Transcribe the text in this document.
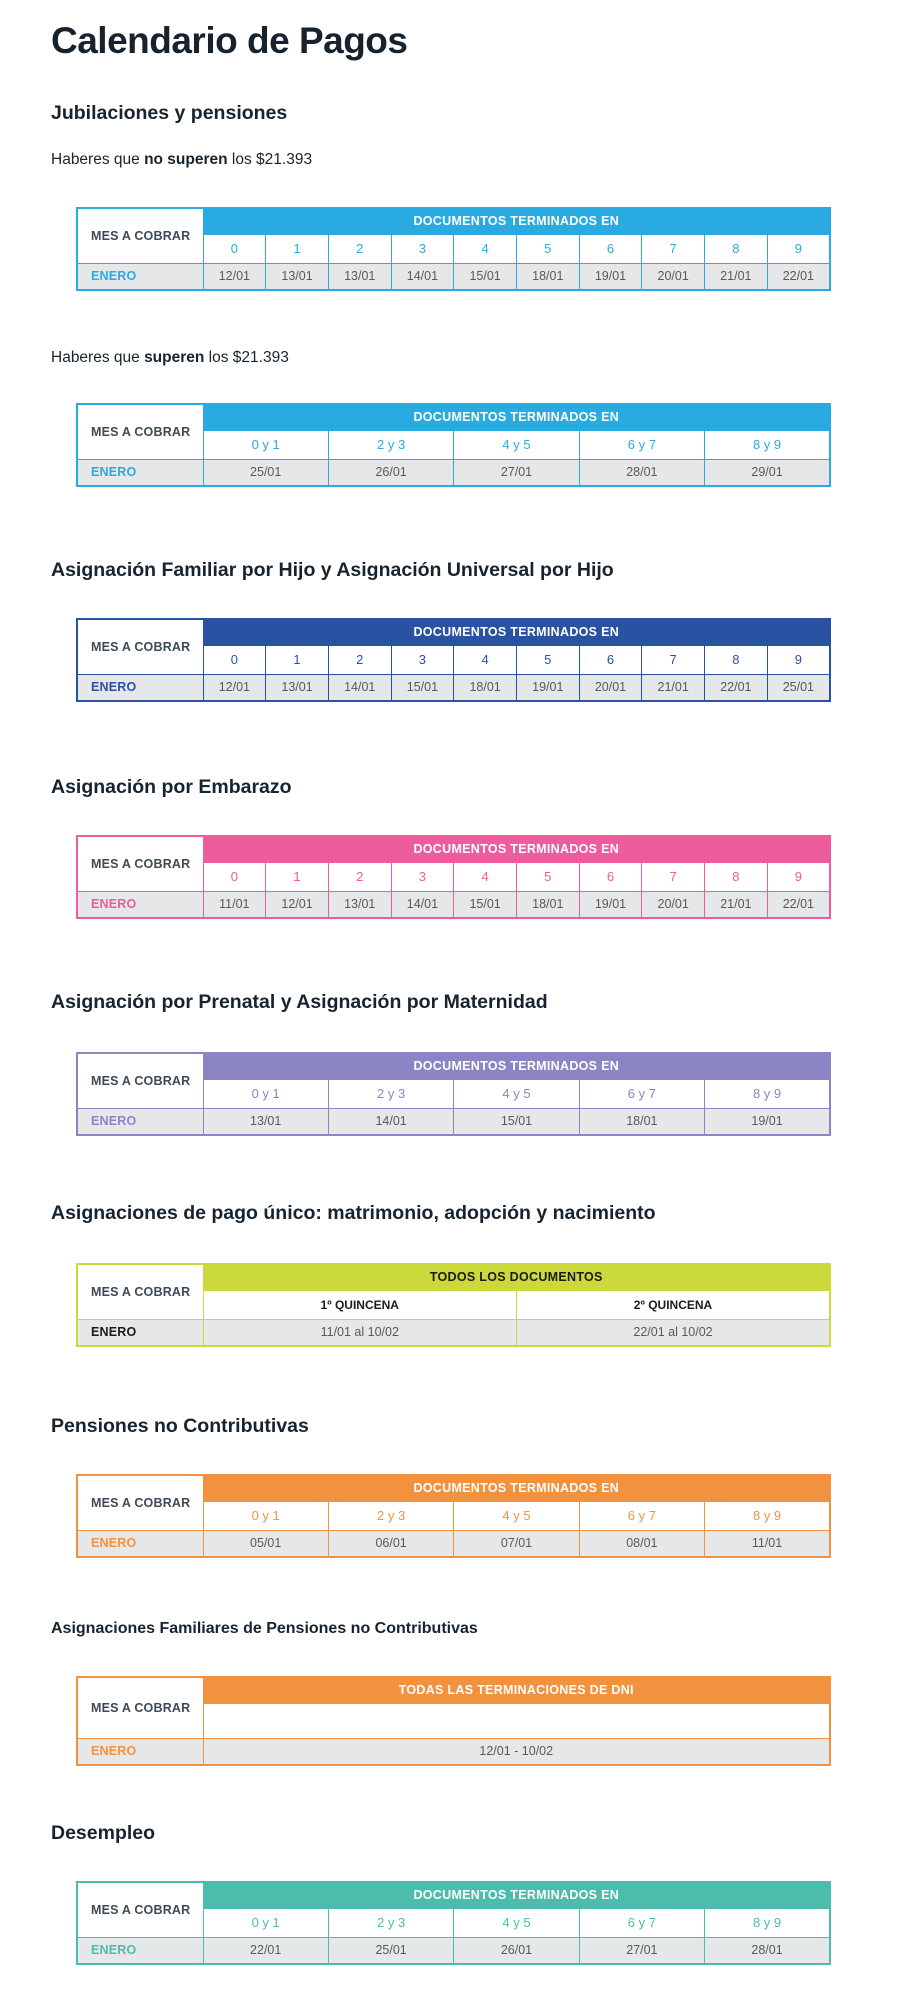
Calendario de Pagos
Jubilaciones y pensiones

Haberes que no superen los $21.393

MES A COBRAR	DOCUMENTOS TERMINADOS EN									
	0	1	2	3	4	5	6	7	8	9
ENERO	12/01	13/01	13/01	14/01	15/01	18/01	19/01	20/01	21/01	22/01

Haberes que superen los $21.393

MES A COBRAR	DOCUMENTOS TERMINADOS EN				
	0 y 1	2 y 3	4 y 5	6 y 7	8 y 9
ENERO	25/01	26/01	27/01	28/01	29/01
Asignación Familiar por Hijo y Asignación Universal por Hijo
MES A COBRAR	DOCUMENTOS TERMINADOS EN									
	0	1	2	3	4	5	6	7	8	9
ENERO	12/01	13/01	14/01	15/01	18/01	19/01	20/01	21/01	22/01	25/01
Asignación por Embarazo
MES A COBRAR	DOCUMENTOS TERMINADOS EN									
	0	1	2	3	4	5	6	7	8	9
ENERO	11/01	12/01	13/01	14/01	15/01	18/01	19/01	20/01	21/01	22/01
Asignación por Prenatal y Asignación por Maternidad
MES A COBRAR	DOCUMENTOS TERMINADOS EN				
	0 y 1	2 y 3	4 y 5	6 y 7	8 y 9
ENERO	13/01	14/01	15/01	18/01	19/01
Asignaciones de pago único: matrimonio, adopción y nacimiento
MES A COBRAR	TODOS LOS DOCUMENTOS	
	1º QUINCENA	2º QUINCENA
ENERO	11/01 al 10/02	22/01 al 10/02
Pensiones no Contributivas
MES A COBRAR	DOCUMENTOS TERMINADOS EN				
	0 y 1	2 y 3	4 y 5	6 y 7	8 y 9
ENERO	05/01	06/01	07/01	08/01	11/01
Asignaciones Familiares de Pensiones no Contributivas
MES A COBRAR	TODAS LAS TERMINACIONES DE DNI

ENERO	12/01 - 10/02
Desempleo
MES A COBRAR	DOCUMENTOS TERMINADOS EN				
	0 y 1	2 y 3	4 y 5	6 y 7	8 y 9
ENERO	22/01	25/01	26/01	27/01	28/01
